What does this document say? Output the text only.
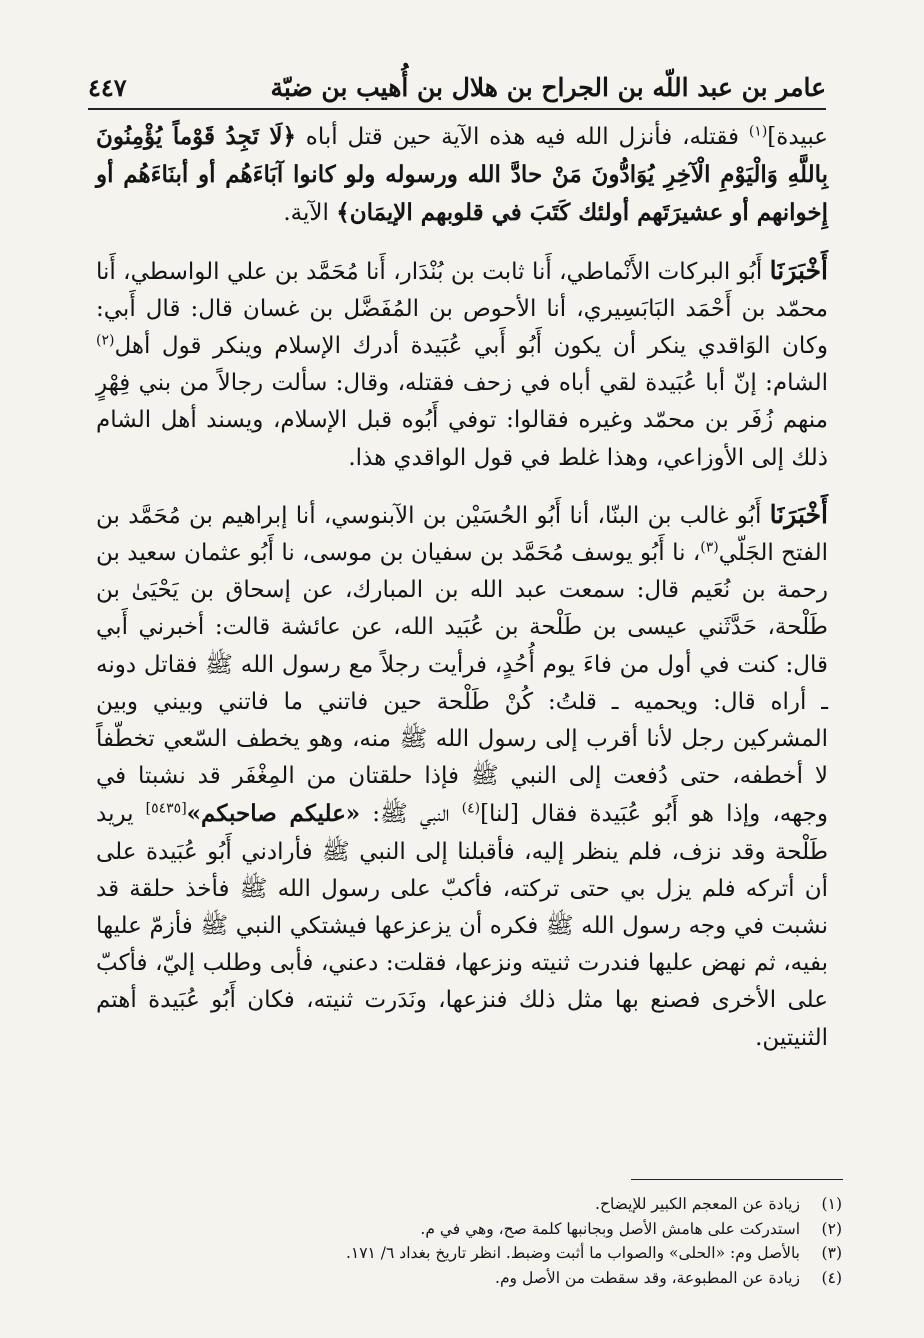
عامر بن عبد اللّه بن الجراح بن هلال بن أُهيب بن ضبّة
٤٤٧

عبيدة]$^{(١)}$ فقتله، فأنزل الله فيه هذه الآية حين قتل أباه ﴿لَا تَجِدُ قَوْماً يُؤْمِنُونَ بِاللَّهِ وَالْيَوْمِ الْآخِرِ يُوَادُّونَ مَنْ حادَّ الله ورسوله ولو كانوا آبَاءَهُم أو أبنَاءَهُم أو إِخوانهم أو عشيرَتَهم أولئك كَتَبَ في قلوبهم الإيمَان﴾ الآية.

أَخْبَرَنَا أَبُو البركات الأَنْماطي، أَنا ثابت بن بُنْدَار، أَنا مُحَمَّد بن علي الواسطي، أَنا محمّد بن أَحْمَد البَابَسِيري، أنا الأحوص بن المُفَضَّل بن غسان قال: قال أَبي: وكان الوَاقدي ينكر أن يكون أَبُو أَبي عُبَيدة أدرك الإسلام وينكر قول أهل$^{(٢)}$ الشام: إنّ أبا عُبَيدة لقي أباه في زحف فقتله، وقال: سألت رجالاً من بني فِهْرٍ منهم زُفَر بن محمّد وغيره فقالوا: توفي أَبُوه قبل الإسلام، ويسند أهل الشام ذلك إلى الأوزاعي، وهذا غلط في قول الواقدي هذا.

أَخْبَرَنَا أَبُو غالب بن البنّا، أنا أَبُو الحُسَيْن بن الآبنوسي، أنا إبراهيم بن مُحَمَّد بن الفتح الجَلّي$^{(٣)}$، نا أَبُو يوسف مُحَمَّد بن سفيان بن موسى، نا أَبُو عثمان سعيد بن رحمة بن نُعَيم قال: سمعت عبد الله بن المبارك، عن إسحاق بن يَحْيَىٰ بن طَلْحة، حَدَّثَني عيسى بن طَلْحة بن عُبَيد الله، عن عائشة قالت: أخبرني أَبي قال: كنت في أول من فاءَ يوم أُحُدٍ، فرأيت رجلاً مع رسول الله ﷺ فقاتل دونه ـ أراه قال: ويحميه ـ قلتُ: كُنْ طَلْحة حين فاتني ما فاتني وبيني وبين المشركين رجل لأنا أقرب إلى رسول الله ﷺ منه، وهو يخطف السّعي تخطّفاً لا أخطفه، حتى دُفعت إلى النبي ﷺ فإذا حلقتان من المِغْفَر قد نشبتا في وجهه، وإذا هو أَبُو عُبَيدة فقال [لنا]$^{(٤)}$ النبي ﷺ: «عليكم صاحبكم»[٥٤٣٥] يريد طَلْحة وقد نزف، فلم ينظر إليه، فأقبلنا إلى النبي ﷺ فأرادني أَبُو عُبَيدة على أن أتركه فلم يزل بي حتى تركته، فأكبّ على رسول الله ﷺ فأخذ حلقة قد نشبت في وجه رسول الله ﷺ فكره أن يزعزعها فيشتكي النبي ﷺ فأزمّ عليها بفيه، ثم نهض عليها فندرت ثنيته ونزعها، فقلت: دعني، فأبى وطلب إليّ، فأكبّ على الأخرى فصنع بها مثل ذلك فنزعها، ونَدَرت ثنيته، فكان أَبُو عُبَيدة أهتم الثنيتين.

(١)
زيادة عن المعجم الكبير للإيضاح.
(٢)
استدركت على هامش الأصل وبجانبها كلمة صح، وهي في م.
(٣)
بالأصل وم: «الحلى» والصواب ما أثبت وضبط. انظر تاريخ بغداد ٦/ ١٧١.
(٤)
زيادة عن المطبوعة، وقد سقطت من الأصل وم.
